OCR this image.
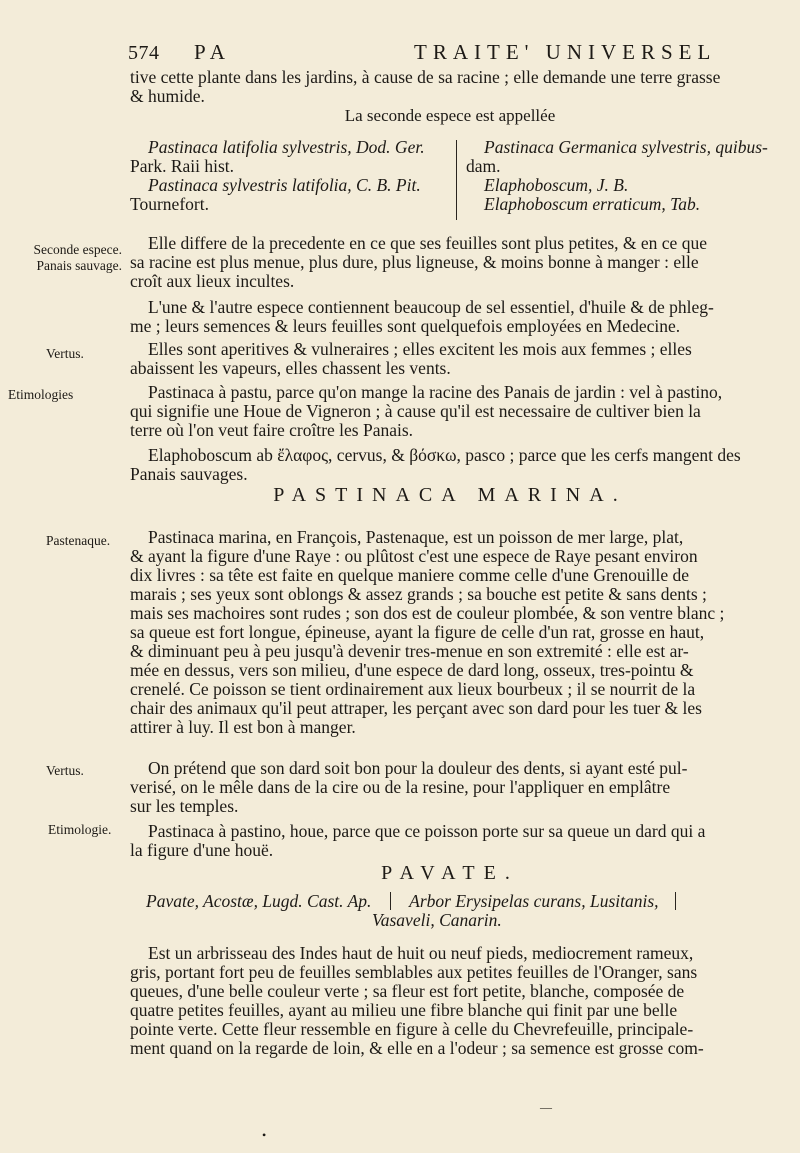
574 PA	TRAITE' UNIVERSEL
tive cette plante dans les jardins, à cause de sa racine ; elle demande une terre grasse
& humide.
La seconde espece est appellée
Pastinaca latifolia sylvestris, Dod. Ger.
Park. Raii hist.
Pastinaca sylvestris latifolia, C. B. Pit.
Tournefort.
Pastinaca Germanica sylvestris, quibus-
dam.
Elaphoboscum, J. B.
Elaphoboscum erraticum, Tab.
Seconde espece. Panais sauvage.
Vertus.
Etimologies
Pastenaque.
Vertus.
Etimologie.
Elle differe de la precedente en ce que ses feuilles sont plus petites, & en ce que
sa racine est plus menue, plus dure, plus ligneuse, & moins bonne à manger : elle
croît aux lieux incultes.
L'une & l'autre espece contiennent beaucoup de sel essentiel, d'huile & de phleg-
me ; leurs semences & leurs feuilles sont quelquefois employées en Medecine.
Elles sont aperitives & vulneraires ; elles excitent les mois aux femmes ; elles
abaissent les vapeurs, elles chassent les vents.
Pastinaca à pastu, parce qu'on mange la racine des Panais de jardin : vel à pastino,
qui signifie une Houe de Vigneron ; à cause qu'il est necessaire de cultiver bien la
terre où l'on veut faire croître les Panais.
Elaphoboscum ab ἔλαφος, cervus, & βόσκω, pasco ; parce que les cerfs mangent des
Panais sauvages.
PASTINACA MARINA.
Pastinaca marina, en François, Pastenaque, est un poisson de mer large, plat,
& ayant la figure d'une Raye : ou plûtost c'est une espece de Raye pesant environ
dix livres : sa tête est faite en quelque maniere comme celle d'une Grenouille de
marais ; ses yeux sont oblongs & assez grands ; sa bouche est petite & sans dents ;
mais ses machoires sont rudes ; son dos est de couleur plombée, & son ventre blanc ;
sa queue est fort longue, épineuse, ayant la figure de celle d'un rat, grosse en haut,
& diminuant peu à peu jusqu'à devenir tres-menue en son extremité : elle est ar-
mée en dessus, vers son milieu, d'une espece de dard long, osseux, tres-pointu &
crenelé. Ce poisson se tient ordinairement aux lieux bourbeux ; il se nourrit de la
chair des animaux qu'il peut attraper, les perçant avec son dard pour les tuer & les
attirer à luy. Il est bon à manger.
On prétend que son dard soit bon pour la douleur des dents, si ayant esté pul-
verisé, on le mêle dans de la cire ou de la resine, pour l'appliquer en emplâtre
sur les temples.
Pastinaca à pastino, houe, parce que ce poisson porte sur sa queue un dard qui a
la figure d'une houë.
PAVATE.
Pavate, Acostæ, Lugd. Cast. Ap. Arbor Erysipelas curans, Lusitanis,
Vasaveli, Canarin.
Est un arbrisseau des Indes haut de huit ou neuf pieds, mediocrement rameux,
gris, portant fort peu de feuilles semblables aux petites feuilles de l'Oranger, sans
queues, d'une belle couleur verte ; sa fleur est fort petite, blanche, composée de
quatre petites feuilles, ayant au milieu une fibre blanche qui finit par une belle
pointe verte. Cette fleur ressemble en figure à celle du Chevrefeuille, principale-
ment quand on la regarde de loin, & elle en a l'odeur ; sa semence est grosse com-
—
•
